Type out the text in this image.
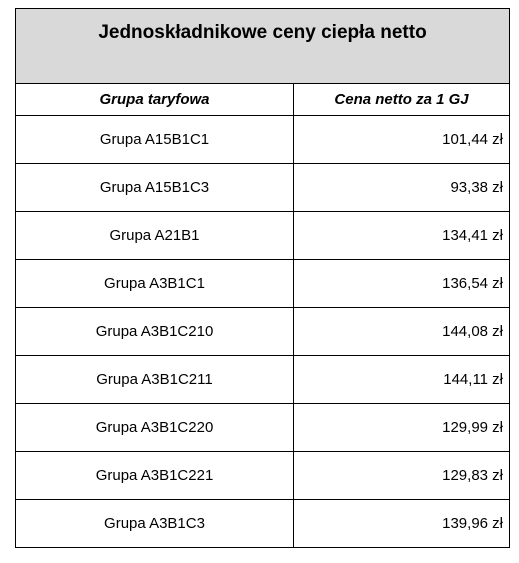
Jednoskładnikowe ceny ciepła netto	
Grupa taryfowa	Cena netto za 1 GJ
Grupa A15B1C1	101,44 zł
Grupa A15B1C3	93,38 zł
Grupa A21B1	134,41 zł
Grupa A3B1C1	136,54 zł
Grupa A3B1C210	144,08 zł
Grupa A3B1C211	144,11 zł
Grupa A3B1C220	129,99 zł
Grupa A3B1C221	129,83 zł
Grupa A3B1C3	139,96 zł
